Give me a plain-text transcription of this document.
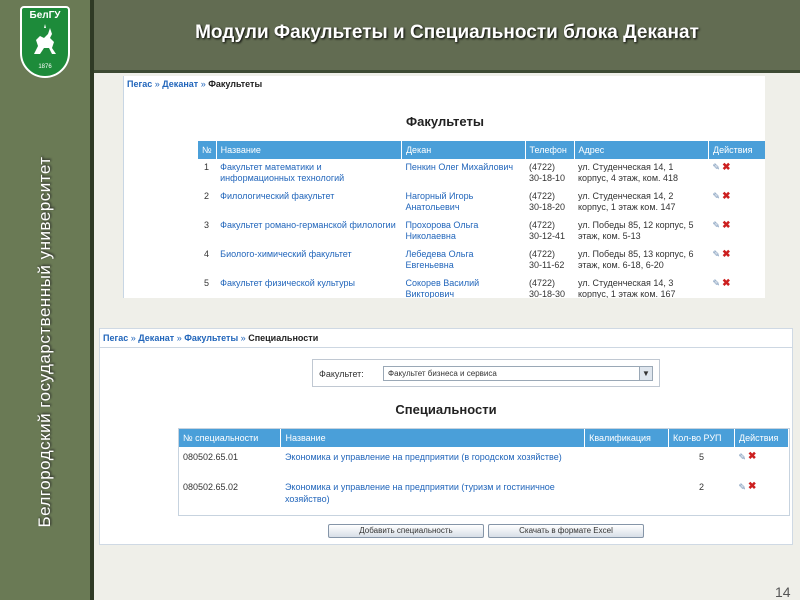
Модули Факультеты и Специальности блока Деканат
БелГУ
1876
Белгородский государственный университет
14
Пегас » Деканат » Факультеты
Факультеты
№	Название	Декан	Телефон	Адрес	Действия
1	Факультет математики и информационных технологий	Пенкин Олег Михайлович	(4722) 30-18-10	ул. Студенческая 14, 1 корпус, 4 этаж, ком. 418	✎ ✖

2	Филологический факультет	Нагорный Игорь Анатольевич	(4722) 30-18-20	ул. Студенческая 14, 2 корпус, 1 этаж ком. 147	✎ ✖

3	Факультет романо-германской филологии	Прохорова Ольга Николаевна	(4722) 30-12-41	ул. Победы 85, 12 корпус, 5 этаж, ком. 5-13	✎ ✖

4	Биолого-химический факультет	Лебедева Ольга Евгеньевна	(4722) 30-11-62	ул. Победы 85, 13 корпус, 6 этаж, ком. 6-18, 6-20	✎ ✖

5	Факультет физической культуры	Сокорев Василий Викторович	(4722) 30-18-30	ул. Студенческая 14, 3 корпус, 1 этаж ком. 167	✎ ✖
Пегас » Деканат » Факультеты » Специальности
Факультет:	Факультет бизнеса и сервиса	▼
Специальности
№ специальности	Название	Квалификация	Кол-во РУП	Действия
080502.65.01	Экономика и управление на предприятии (в городском хозяйстве)		5	✎ ✖

080502.65.02	Экономика и управление на предприятии (туризм и гостиничное хозяйство)		2	✎ ✖
Добавить специальность	Скачать в формате Excel
